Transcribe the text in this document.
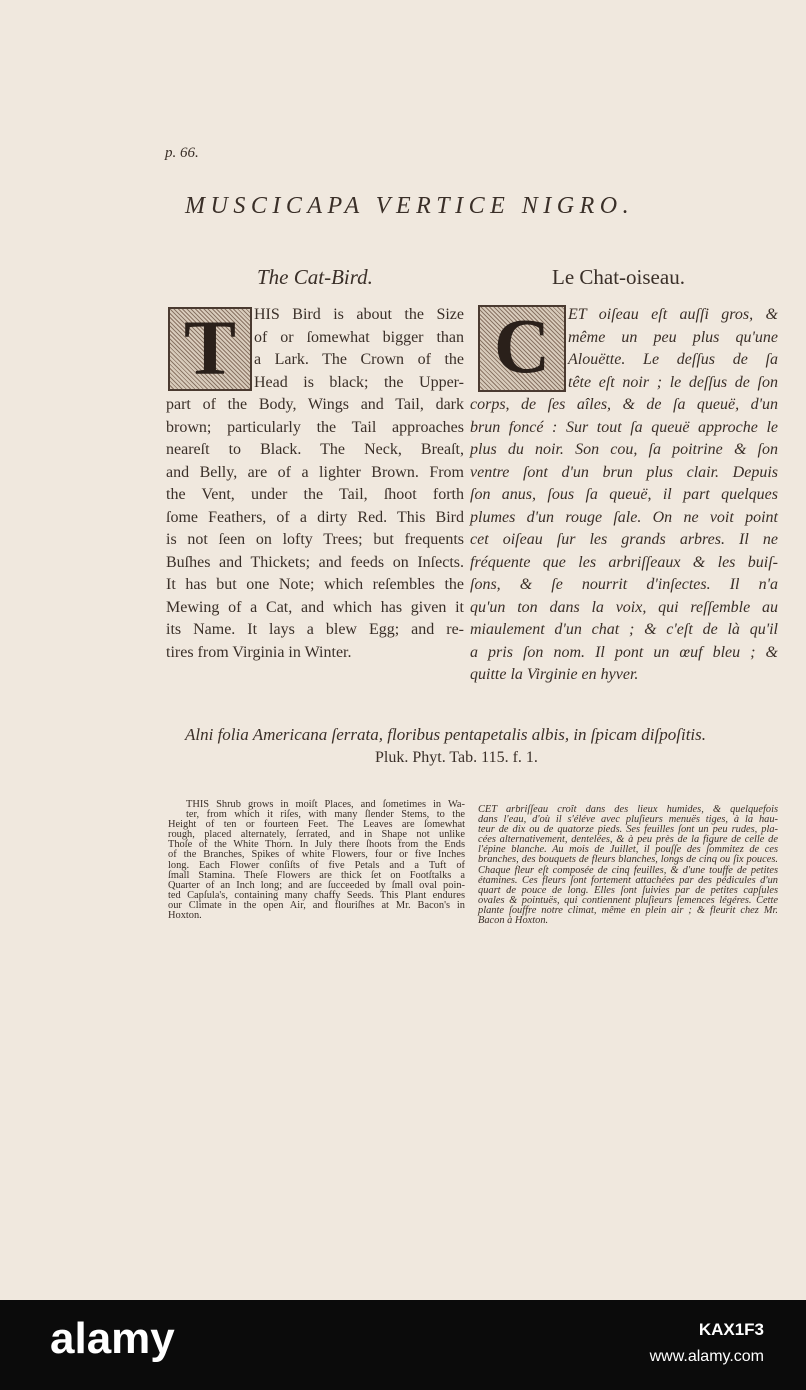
p. 66.
MUSCICAPA VERTICE NIGRO.
The Cat-Bird.	Le Chat-oiseau.
T	HIS Bird is about the Size
of or ſomewhat bigger than
a Lark. The Crown of the
Head is black; the Upper-
part of the Body, Wings and Tail, dark
brown; particularly the Tail approaches
neareſt to Black. The Neck, Breaſt,
and Belly, are of a lighter Brown. From
the Vent, under the Tail, ſhoot forth
ſome Feathers, of a dirty Red. This Bird
is not ſeen on lofty Trees; but frequents
Buſhes and Thickets; and feeds on Inſects.
It has but one Note; which reſembles the
Mewing of a Cat, and which has given it
its Name. It lays a blew Egg; and re-
tires from Virginia in Winter.
C	ET oiſeau eſt auſſi gros, &
même un peu plus qu'une
Alouëtte. Le deſſus de ſa
tête eſt noir ; le deſſus de ſon
corps, de ſes aîles, & de ſa queuë, d'un
brun foncé : Sur tout ſa queuë approche le
plus du noir. Son cou, ſa poitrine & ſon
ventre ſont d'un brun plus clair. Depuis
ſon anus, ſous ſa queuë, il part quelques
plumes d'un rouge ſale. On ne voit point
cet oiſeau ſur les grands arbres. Il ne
fréquente que les arbriſſeaux & les buiſ-
ſons, & ſe nourrit d'inſectes. Il n'a
qu'un ton dans la voix, qui reſſemble au
miaulement d'un chat ; & c'eſt de là qu'il
a pris ſon nom. Il pont un œuf bleu ; &
quitte la Virginie en hyver.
Alni folia Americana ſerrata, floribus pentapetalis albis, in ſpicam diſpoſitis.
Pluk. Phyt. Tab. 115. f. 1.
THIS Shrub grows in moiſt Places, and ſometimes in Wa-
ter, from which it riſes, with many ſlender Stems, to the
Height of ten or fourteen Feet. The Leaves are ſomewhat
rough, placed alternately, ſerrated, and in Shape not unlike
Thoſe of the White Thorn. In July there ſhoots from the Ends
of the Branches, Spikes of white Flowers, four or five Inches
long. Each Flower conſiſts of five Petals and a Tuft of
ſmall Stamina. Theſe Flowers are thick ſet on Footſtalks a
Quarter of an Inch long; and are ſucceeded by ſmall oval poin-
ted Capſula's, containing many chaffy Seeds. This Plant endures
our Climate in the open Air, and flouriſhes at Mr. Bacon's in
Hoxton.
CET arbriſſeau croît dans des lieux humides, & quelquefois
dans l'eau, d'où il s'éléve avec pluſieurs menuës tiges, à la hau-
teur de dix ou de quatorze pieds. Ses feuilles ſont un peu rudes, pla-
cées alternativement, dentelées, & à peu près de la figure de celle de
l'épine blanche. Au mois de Juillet, il pouſſe des ſommitez de ces
branches, des bouquets de fleurs blanches, longs de cinq ou ſix pouces.
Chaque fleur eſt composée de cinq feuilles, & d'une touffe de petites
étamines. Ces fleurs ſont fortement attachées par des pédicules d'un
quart de pouce de long. Elles ſont ſuivies par de petites capſules
ovales & pointuës, qui contiennent pluſieurs ſemences légéres. Cette
plante ſouffre notre climat, même en plein air ; & fleurit chez Mr.
Bacon à Hoxton.
alamy	KAX1F3
www.alamy.com
